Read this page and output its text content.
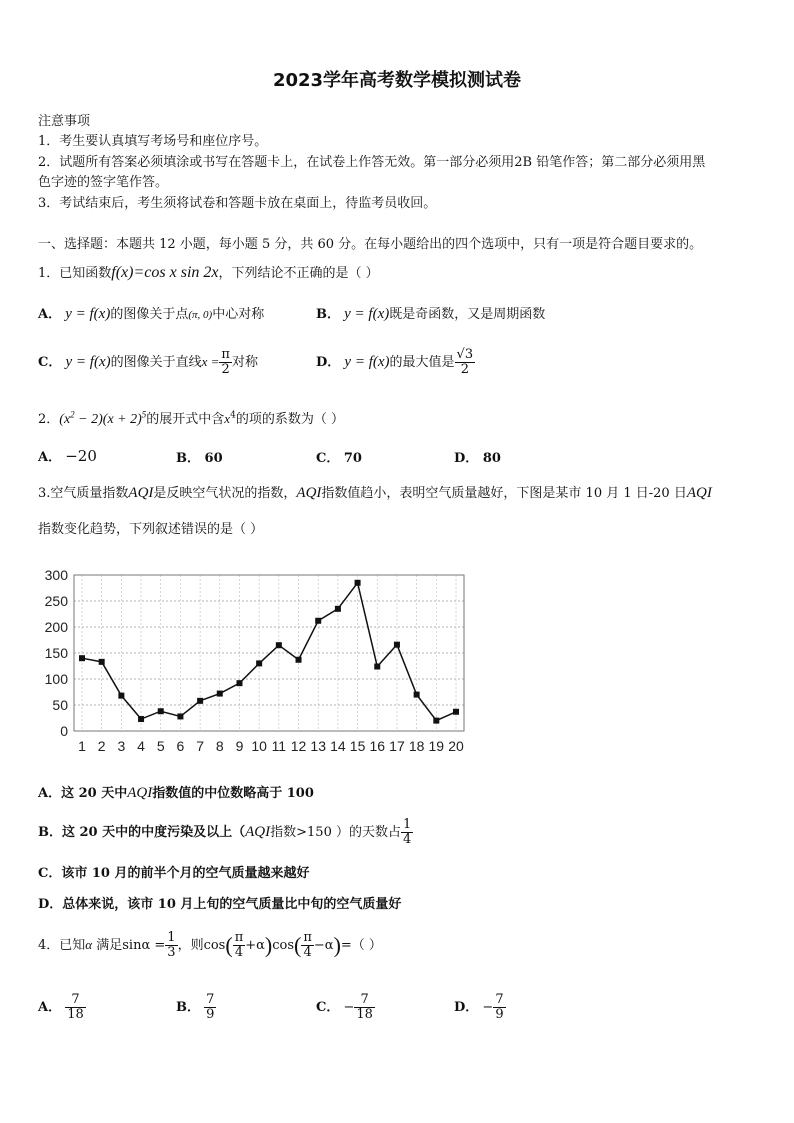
2023学年高考数学模拟测试卷
注意事项
1．考生要认真填写考场号和座位序号。
2．试题所有答案必须填涂或书写在答题卡上，在试卷上作答无效。第一部分必须用2B 铅笔作答；第二部分必须用黑
色字迹的签字笔作答。
3．考试结束后，考生须将试卷和答题卡放在桌面上，待监考员收回。
一、选择题：本题共 12 小题，每小题 5 分，共 60 分。在每小题给出的四个选项中，只有一项是符合题目要求的。
1．已知函数f(x)=cos x sin 2x，下列结论不正确的是（ ）
A． y = f(x)的图像关于点(π, 0)中心对称	B． y = f(x)既是奇函数，又是周期函数
C． y = f(x)的图像关于直线$x = \frac{\pi}{2}$ 对称	D． y = f(x)的最大值是 $\frac{√3}{2}$
2．$(x^2 - 2)(x + 2)^5$的展开式中含$x^4$的项的系数为（ ）
A． −20	B． 60	C． 70	D． 80
3.空气质量指数AQI是反映空气状况的指数，AQI指数值趋小，表明空气质量越好，下图是某市 10 月 1 日-20 日AQI
指数变化趋势，下列叙述错误的是（ ）
0
50
100
150
200
250
300
1 2 3 4 5 6 7 8 9 10 11 12 13 14 15 16 17 18 19 20
A．这 20 天中AQI指数值的中位数略高于 100
B．这 20 天中的中度污染及以上（AQI指数>150 ）的天数占 $\frac{1}{4}$
C．该市 10 月的前半个月的空气质量越来越好
D．总体来说，该市 10 月上旬的空气质量比中旬的空气质量好
4．已知α 满足$\sin\alpha = \frac{1}{3}$ ，则$\cos( \frac{\pi}{4} +\alpha)\cos( \frac{\pi}{4} -\alpha)=$（ ）
A． $\frac{7}{18}$	B． $\frac{7}{9}$	C． − $\frac{7}{18}$	D． − $\frac{7}{9}$
